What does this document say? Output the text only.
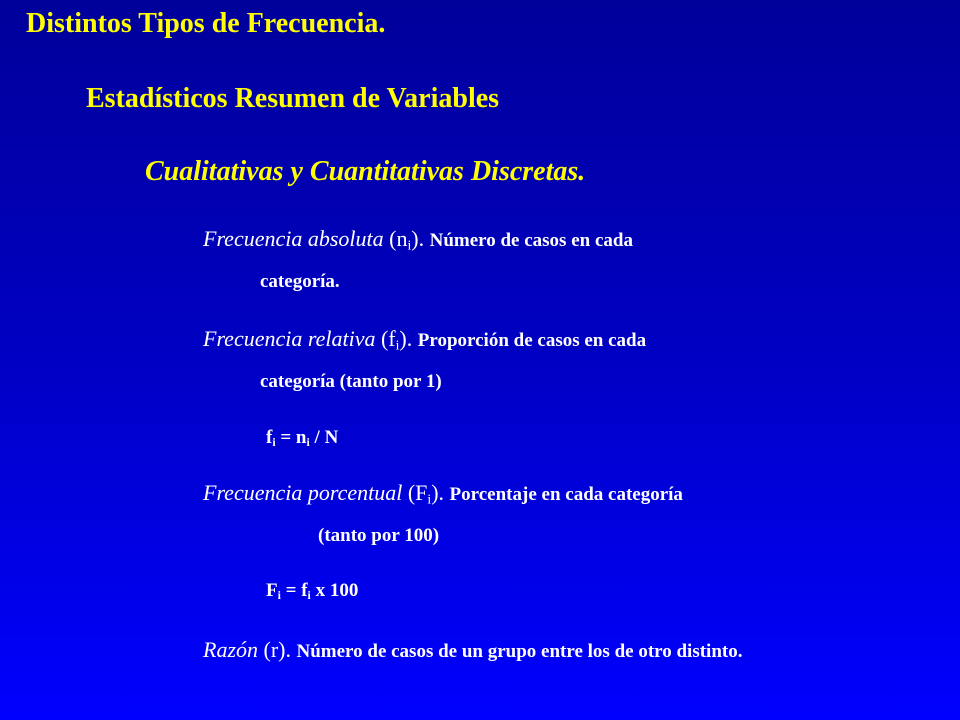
Distintos Tipos de Frecuencia.
Estadísticos Resumen de Variables
Cualitativas y Cuantitativas Discretas.
Frecuencia absoluta $(n_i)$. Número de casos en cada
categoría.
Frecuencia relativa $(f_i)$. Proporción de casos en cada
categoría (tanto por 1)
$f_i = n_i / N$
Frecuencia porcentual $(F_i)$. Porcentaje en cada categoría
(tanto por 100)
$F_i = f_i$ x 100
Razón (r). Número de casos de un grupo entre los de otro distinto.
